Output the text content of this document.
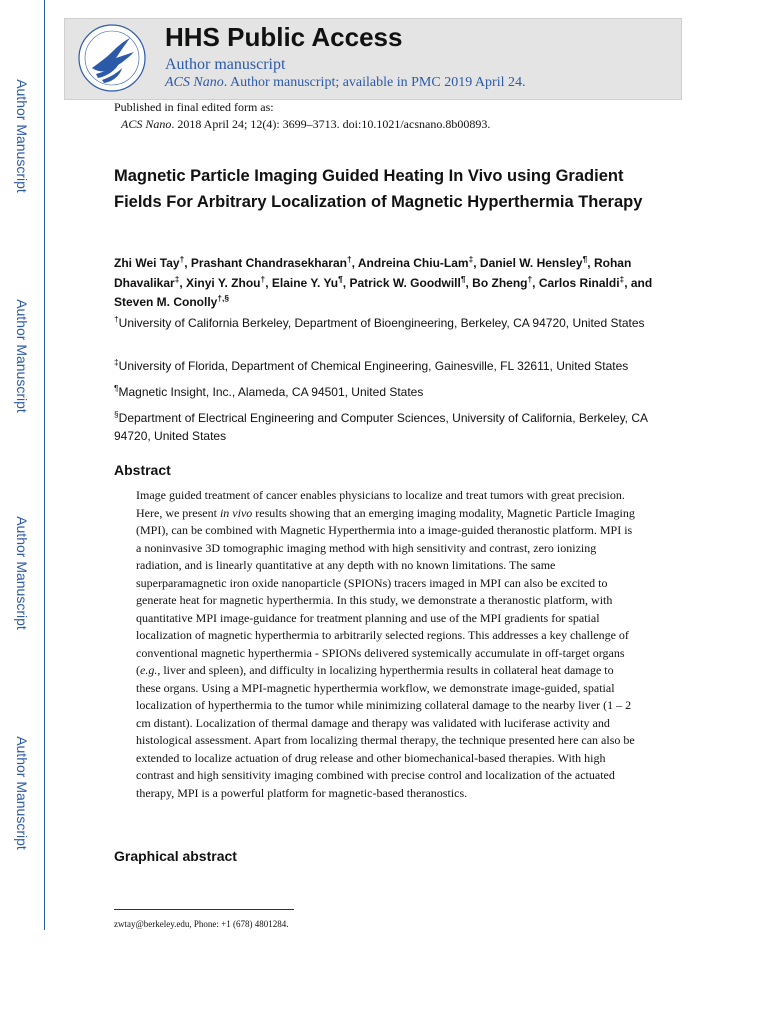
Author Manuscript
Author Manuscript
Author Manuscript
Author Manuscript
HHS Public Access
Author manuscript
ACS Nano. Author manuscript; available in PMC 2019 April 24.
Published in final edited form as:
ACS Nano. 2018 April 24; 12(4): 3699–3713. doi:10.1021/acsnano.8b00893.
Magnetic Particle Imaging Guided Heating In Vivo using Gradient Fields For Arbitrary Localization of Magnetic Hyperthermia Therapy
Zhi Wei Tay†, Prashant Chandrasekharan†, Andreina Chiu-Lam‡, Daniel W. Hensley¶, Rohan Dhavalikar‡, Xinyi Y. Zhou†, Elaine Y. Yu¶, Patrick W. Goodwill¶, Bo Zheng†, Carlos Rinaldi‡, and Steven M. Conolly†,§
†University of California Berkeley, Department of Bioengineering, Berkeley, CA 94720, United States
‡University of Florida, Department of Chemical Engineering, Gainesville, FL 32611, United States
¶Magnetic Insight, Inc., Alameda, CA 94501, United States
§Department of Electrical Engineering and Computer Sciences, University of California, Berkeley, CA 94720, United States
Abstract
Image guided treatment of cancer enables physicians to localize and treat tumors with great precision. Here, we present in vivo results showing that an emerging imaging modality, Magnetic Particle Imaging (MPI), can be combined with Magnetic Hyperthermia into a image-guided theranostic platform. MPI is a noninvasive 3D tomographic imaging method with high sensitivity and contrast, zero ionizing radiation, and is linearly quantitative at any depth with no known limitations. The same superparamagnetic iron oxide nanoparticle (SPIONs) tracers imaged in MPI can also be excited to generate heat for magnetic hyperthermia. In this study, we demonstrate a theranostic platform, with quantitative MPI image-guidance for treatment planning and use of the MPI gradients for spatial localization of magnetic hyperthermia to arbitrarily selected regions. This addresses a key challenge of conventional magnetic hyperthermia - SPIONs delivered systemically accumulate in off-target organs (e.g., liver and spleen), and difficulty in localizing hyperthermia results in collateral heat damage to these organs. Using a MPI-magnetic hyperthermia workflow, we demonstrate image-guided, spatial localization of hyperthermia to the tumor while minimizing collateral damage to the nearby liver (1 – 2 cm distant). Localization of thermal damage and therapy was validated with luciferase activity and histological assessment. Apart from localizing thermal therapy, the technique presented here can also be extended to localize actuation of drug release and other biomechanical-based therapies. With high contrast and high sensitivity imaging combined with precise control and localization of the actuated therapy, MPI is a powerful platform for magnetic-based theranostics.
Graphical abstract
zwtay@berkeley.edu, Phone: +1 (678) 4801284.
